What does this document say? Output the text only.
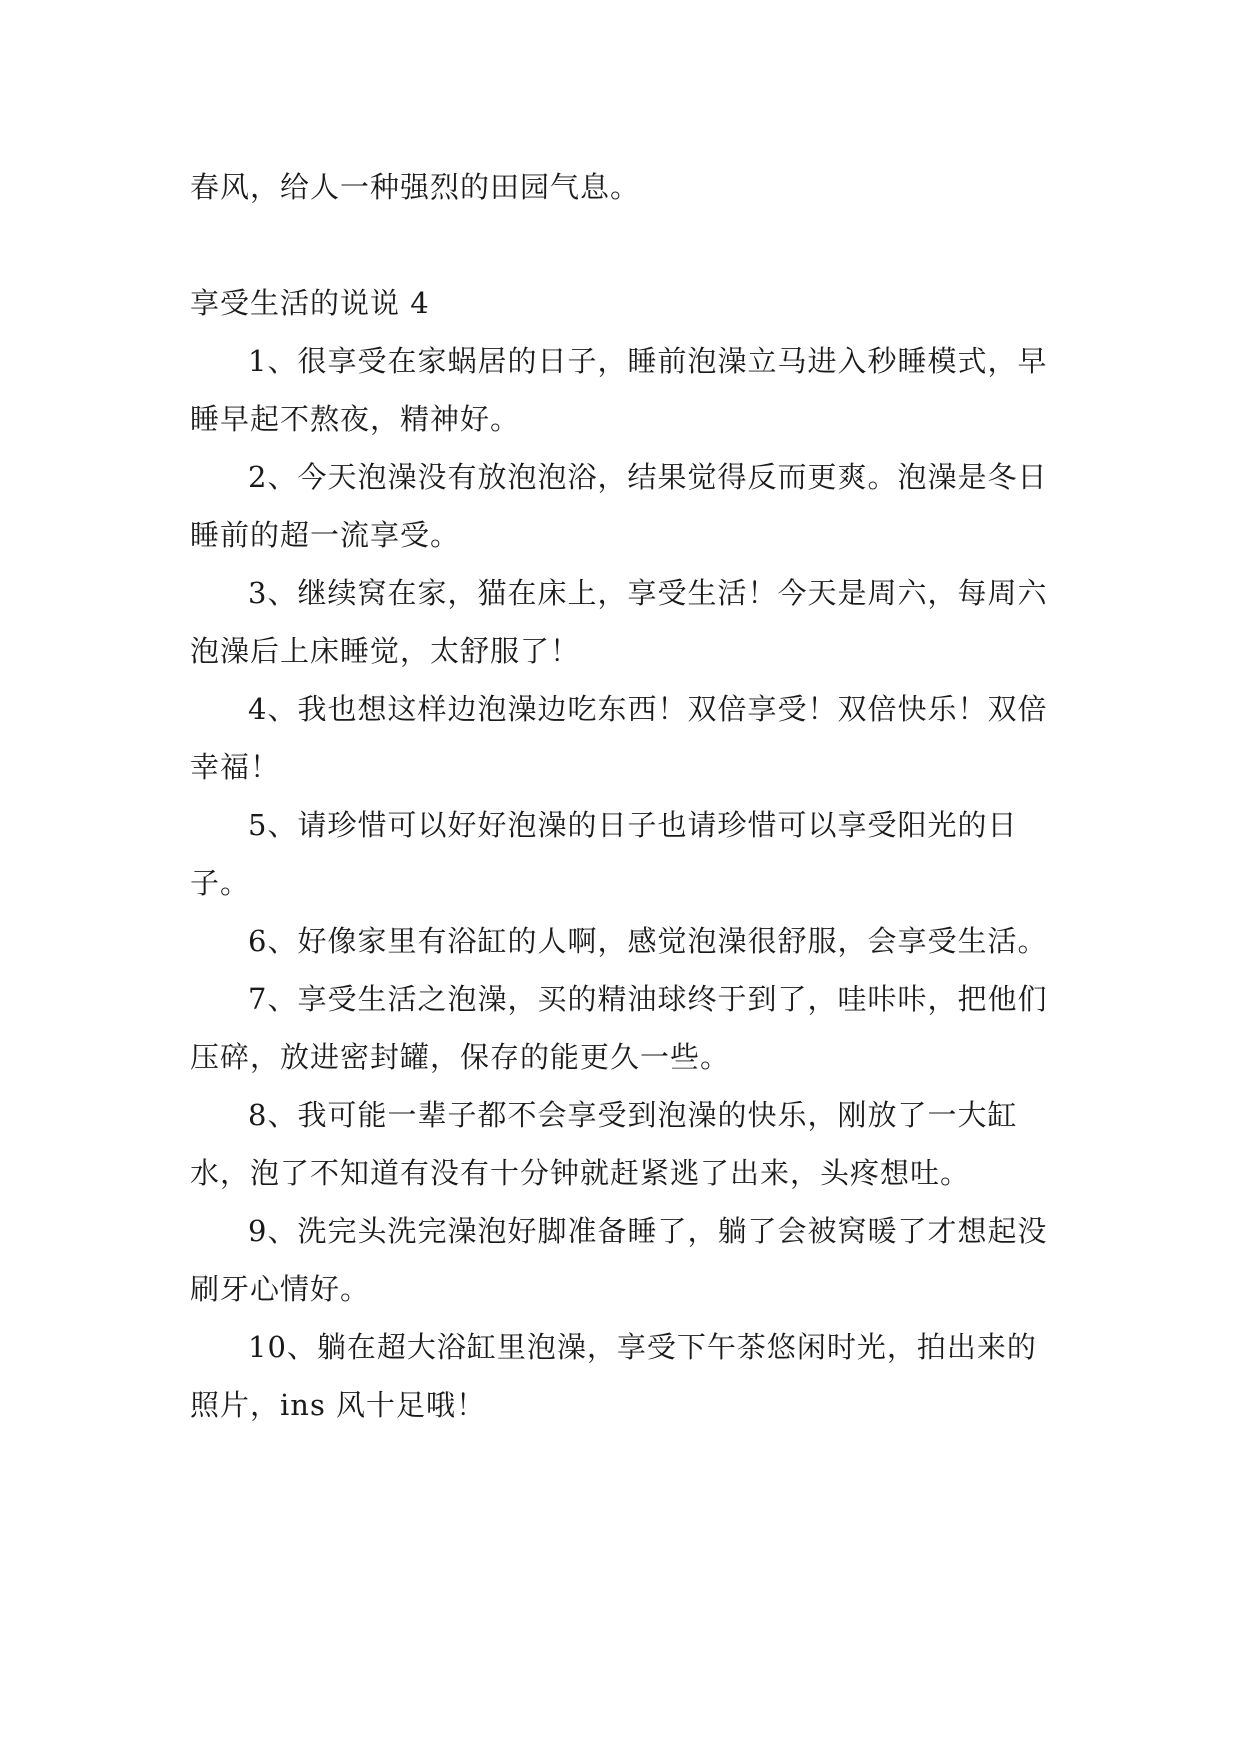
春风，给人一种强烈的田园气息。

享受生活的说说 4

1、很享受在家蜗居的日子，睡前泡澡立马进入秒睡模式，早睡早起不熬夜，精神好。

2、今天泡澡没有放泡泡浴，结果觉得反而更爽。泡澡是冬日睡前的超一流享受。

3、继续窝在家，猫在床上，享受生活！今天是周六，每周六泡澡后上床睡觉，太舒服了！

4、我也想这样边泡澡边吃东西！双倍享受！双倍快乐！双倍幸福！

5、请珍惜可以好好泡澡的日子也请珍惜可以享受阳光的日子。

6、好像家里有浴缸的人啊，感觉泡澡很舒服，会享受生活。

7、享受生活之泡澡，买的精油球终于到了，哇咔咔，把他们压碎，放进密封罐，保存的能更久一些。

8、我可能一辈子都不会享受到泡澡的快乐，刚放了一大缸水，泡了不知道有没有十分钟就赶紧逃了出来，头疼想吐。

9、洗完头洗完澡泡好脚准备睡了，躺了会被窝暖了才想起没刷牙心情好。

10、躺在超大浴缸里泡澡，享受下午茶悠闲时光，拍出来的照片，ins 风十足哦！
